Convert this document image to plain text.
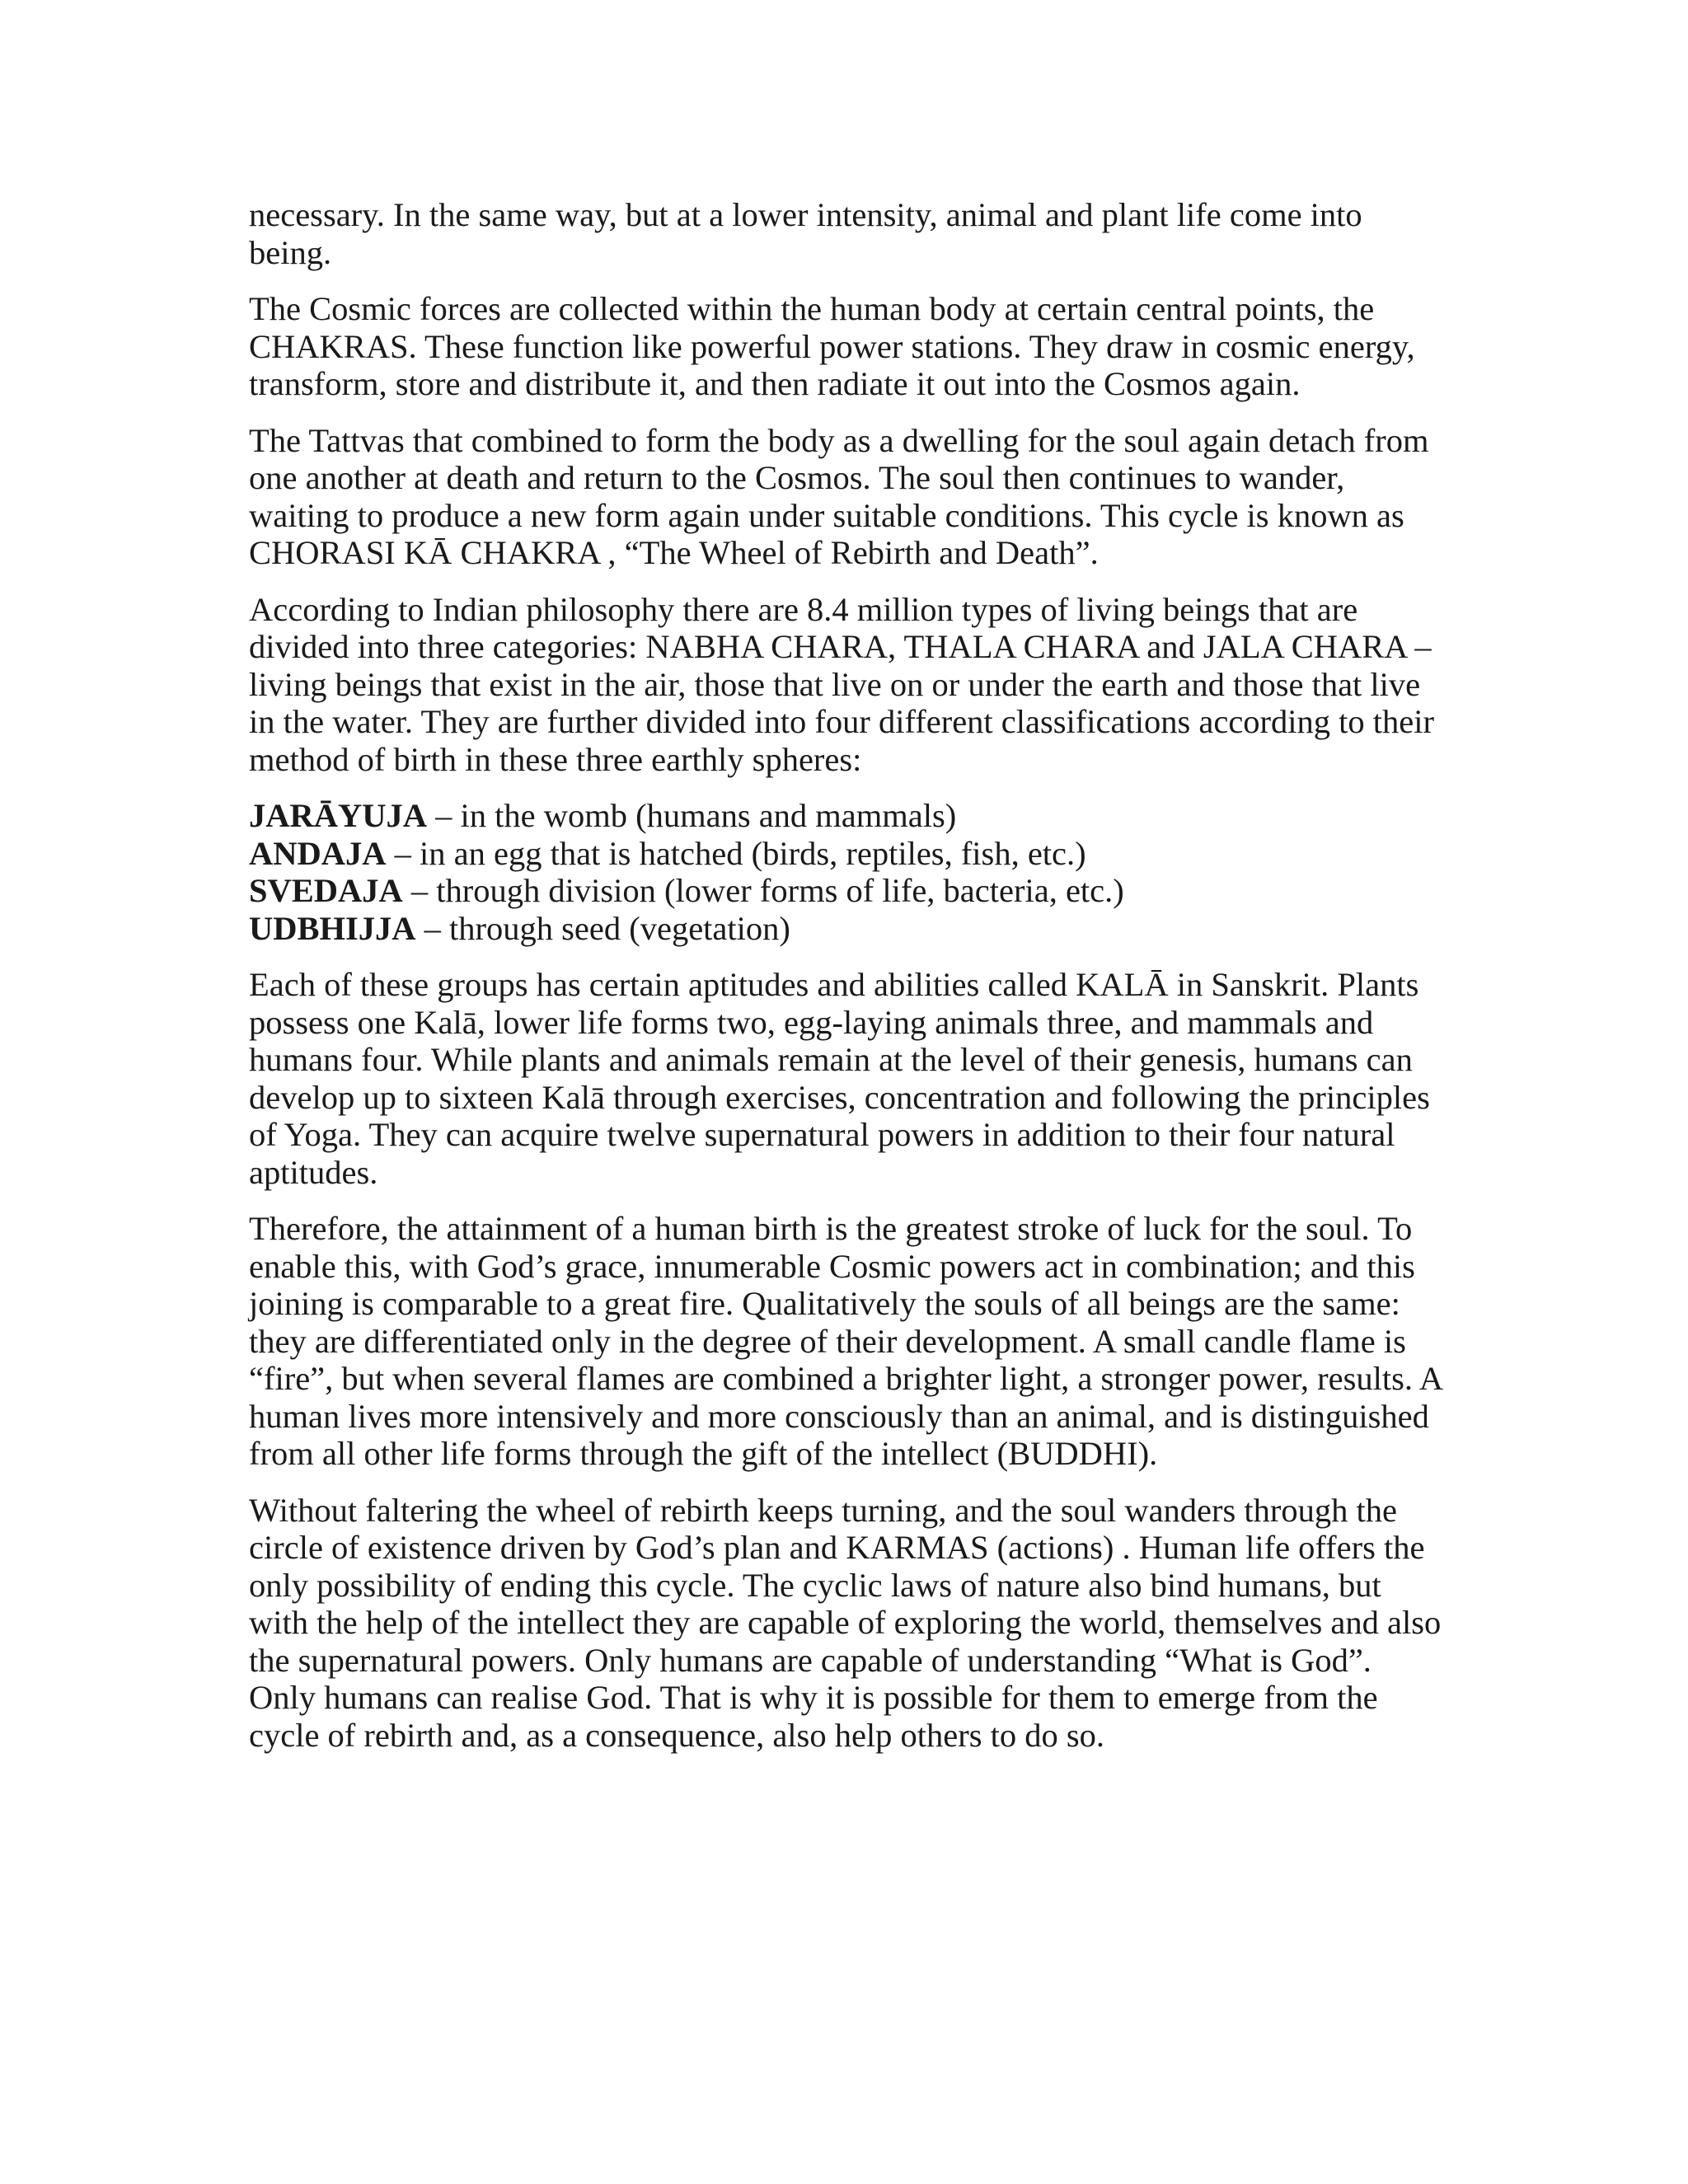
necessary. In the same way, but at a lower intensity, animal and plant life come into being.

The Cosmic forces are collected within the human body at certain central points, the CHAKRAS. These function like powerful power stations. They draw in cosmic energy, transform, store and distribute it, and then radiate it out into the Cosmos again.

The Tattvas that combined to form the body as a dwelling for the soul again detach from one another at death and return to the Cosmos. The soul then continues to wander, waiting to produce a new form again under suitable conditions. This cycle is known as CHORASI KĀ CHAKRA , “The Wheel of Rebirth and Death”.

According to Indian philosophy there are 8.4 million types of living beings that are divided into three categories: NABHA CHARA, THALA CHARA and JALA CHARA – living beings that exist in the air, those that live on or under the earth and those that live in the water. They are further divided into four different classifications according to their method of birth in these three earthly spheres:

JARĀYUJA – in the womb (humans and mammals)
ANDAJA – in an egg that is hatched (birds, reptiles, fish, etc.)
SVEDAJA – through division (lower forms of life, bacteria, etc.)
UDBHIJJA – through seed (vegetation)

Each of these groups has certain aptitudes and abilities called KALĀ in Sanskrit. Plants possess one Kalā, lower life forms two, egg-laying animals three, and mammals and humans four. While plants and animals remain at the level of their genesis, humans can develop up to sixteen Kalā through exercises, concentration and following the principles of Yoga. They can acquire twelve supernatural powers in addition to their four natural aptitudes.

Therefore, the attainment of a human birth is the greatest stroke of luck for the soul. To enable this, with God’s grace, innumerable Cosmic powers act in combination; and this joining is comparable to a great fire. Qualitatively the souls of all beings are the same: they are differentiated only in the degree of their development. A small candle flame is “fire”, but when several flames are combined a brighter light, a stronger power, results. A human lives more intensively and more consciously than an animal, and is distinguished from all other life forms through the gift of the intellect (BUDDHI).

Without faltering the wheel of rebirth keeps turning, and the soul wanders through the circle of existence driven by God’s plan and KARMAS (actions) . Human life offers the only possibility of ending this cycle. The cyclic laws of nature also bind humans, but with the help of the intellect they are capable of exploring the world, themselves and also the supernatural powers. Only humans are capable of understanding “What is God”. Only humans can realise God. That is why it is possible for them to emerge from the cycle of rebirth and, as a consequence, also help others to do so.
